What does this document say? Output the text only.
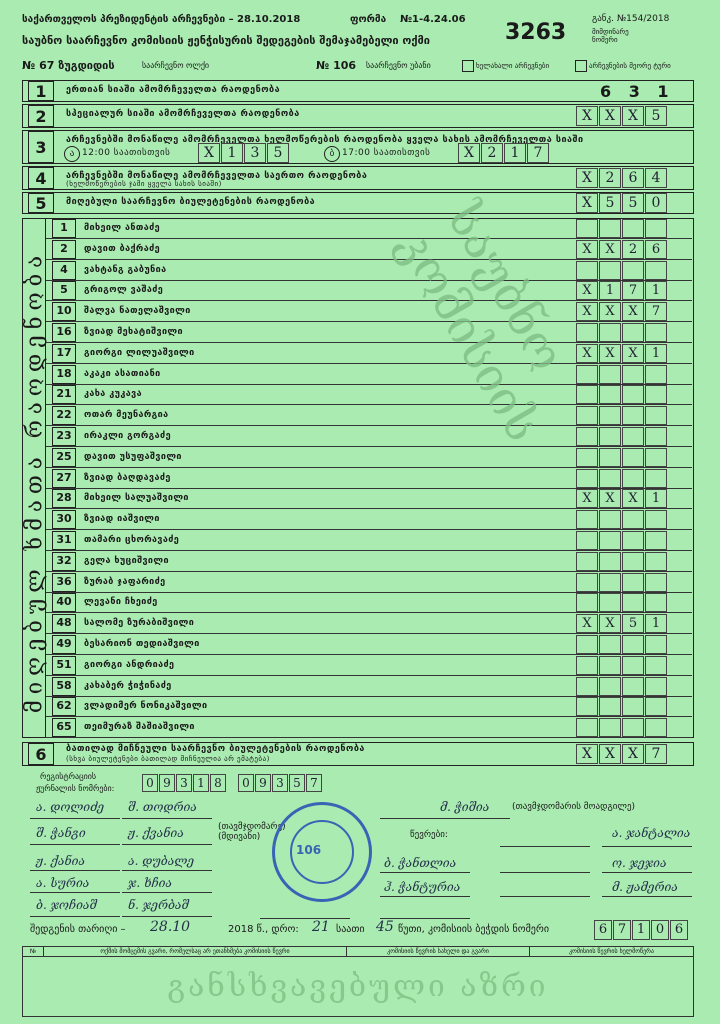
საქართველოს პრეზიდენტის არჩევნები – 28.10.2018	ფორმა №1-4.24.06
3263
განკ. №154/2018
მიმდინარე ნომერი
საუბნო საარჩევნო კომისიის ჟენჭისურის შედეგების შემაჯამებელი ოქმი
№ 67 ზუგდიდის	საარჩევნო ოლქი	№ 106 საარჩევნო უბანი	ხელახალი არჩევნები	არჩევნების მეორე ტური
1	ერთიან სიაში ამომრჩეველთა რაოდენობა	6 3 1
2	სპეციალურ სიაში ამომრჩეველთა რაოდენობა	X X X 5
3	არჩევნებში მონაწილე ამომრჩეველთა ხელმოწერების რაოდენობა ყველა სახის ამომრჩეველთა სიაში
ა 12:00 საათისთვის	X 1	3	5	ბ 17:00 საათისთვის	X 2	1	7
4	არჩევნებში მონაწილე ამომრჩეველთა საერთო რაოდენობა
(ხელმოწერების ჯამი ყველა სახის სიაში)	X 2	6	4
5	მიღებული საარჩევნო ბიულეტენების რაოდენობა	X 5	5	0
მიღებულ ხმათა რაოდენობა
1	მიხეილ ანთაძე
2	დავით ბაქრაძე	X	X	2	6
4	ვახტანგ გაბუნია
5	გრიგოლ ვაშაძე	X	1	7	1
10	შალვა ნათელაშვილი	X	X	X	7
16	ზვიად მეხატიშვილი
17	გიორგი ლილუაშვილი	X	X	X	1
18	აკაკი ასათიანი
21	კახა კუკავა
22	ოთარ მეუნარგია
23	ირაკლი გორგაძე
25	დავით უსუფაშვილი
27	ზვიად ბაღდავაძე
28	მიხეილ სალუაშვილი	X	X	X	1
30	ზვიად იაშვილი
31	თამარი ცხორავაძე
32	გელა ხუციშვილი
36	ზურაბ ჯაფარიძე
40	ლევანი ჩხეიძე
48	სალომე ზურაბიშვილი	X	X	5	1
49	ბესარიონ თედიაშვილი
51	გიორგი ანდრიაძე
58	კახაბერ ჭიჭინაძე
62	ვლადიმერ ნონიკაშვილი
65	თეიმურაზ შაშიაშვილი
6	ბათილად მიჩნეული საარჩევნო ბიულეტენების რაოდენობა
(სხვა ბიულეტენები ბათილად მიჩნეულია არ ემატება)	X X X 7
საუბნო კომისიის
რეგისტრაციის
ჟურნალის ნომრები:	0 9 3 1 8	0 9 3 5 7
(თავმჯდომარე)
(თავმჯდომარის მოადგილე)
(მდივანი)	წევრები:
ა. დოლიძე შ. თოდრია
შ. ჭანგი	ჟ. ქვანია
ჟ. ქანია	ა. დუბალე
ა. სურია	ჯ. ხჩია
ბ. ჯოჩიაშ	ნ. ჯერბაშ
მ. ჭიშია
ა. ჯანტალია
ბ. ჭანთლია	ო. ჯეჯია
ჰ. ჭანტურია	მ. ჟამერია
106
შედგენის თარიღი – 28.10	2018 წ., დრო: 21 საათი 45 წუთი, კომისიის ბეჭდის ნომერი	6 7 1 0 6
№	ოქმის მომცემის გვარი, რომელსაც არ ეთანხმება კომისიის წევრი	კომისიის წევრის სახელი და გვარი	კომისიის წევრის ხელმოწერა
განსხვავებული აზრი
